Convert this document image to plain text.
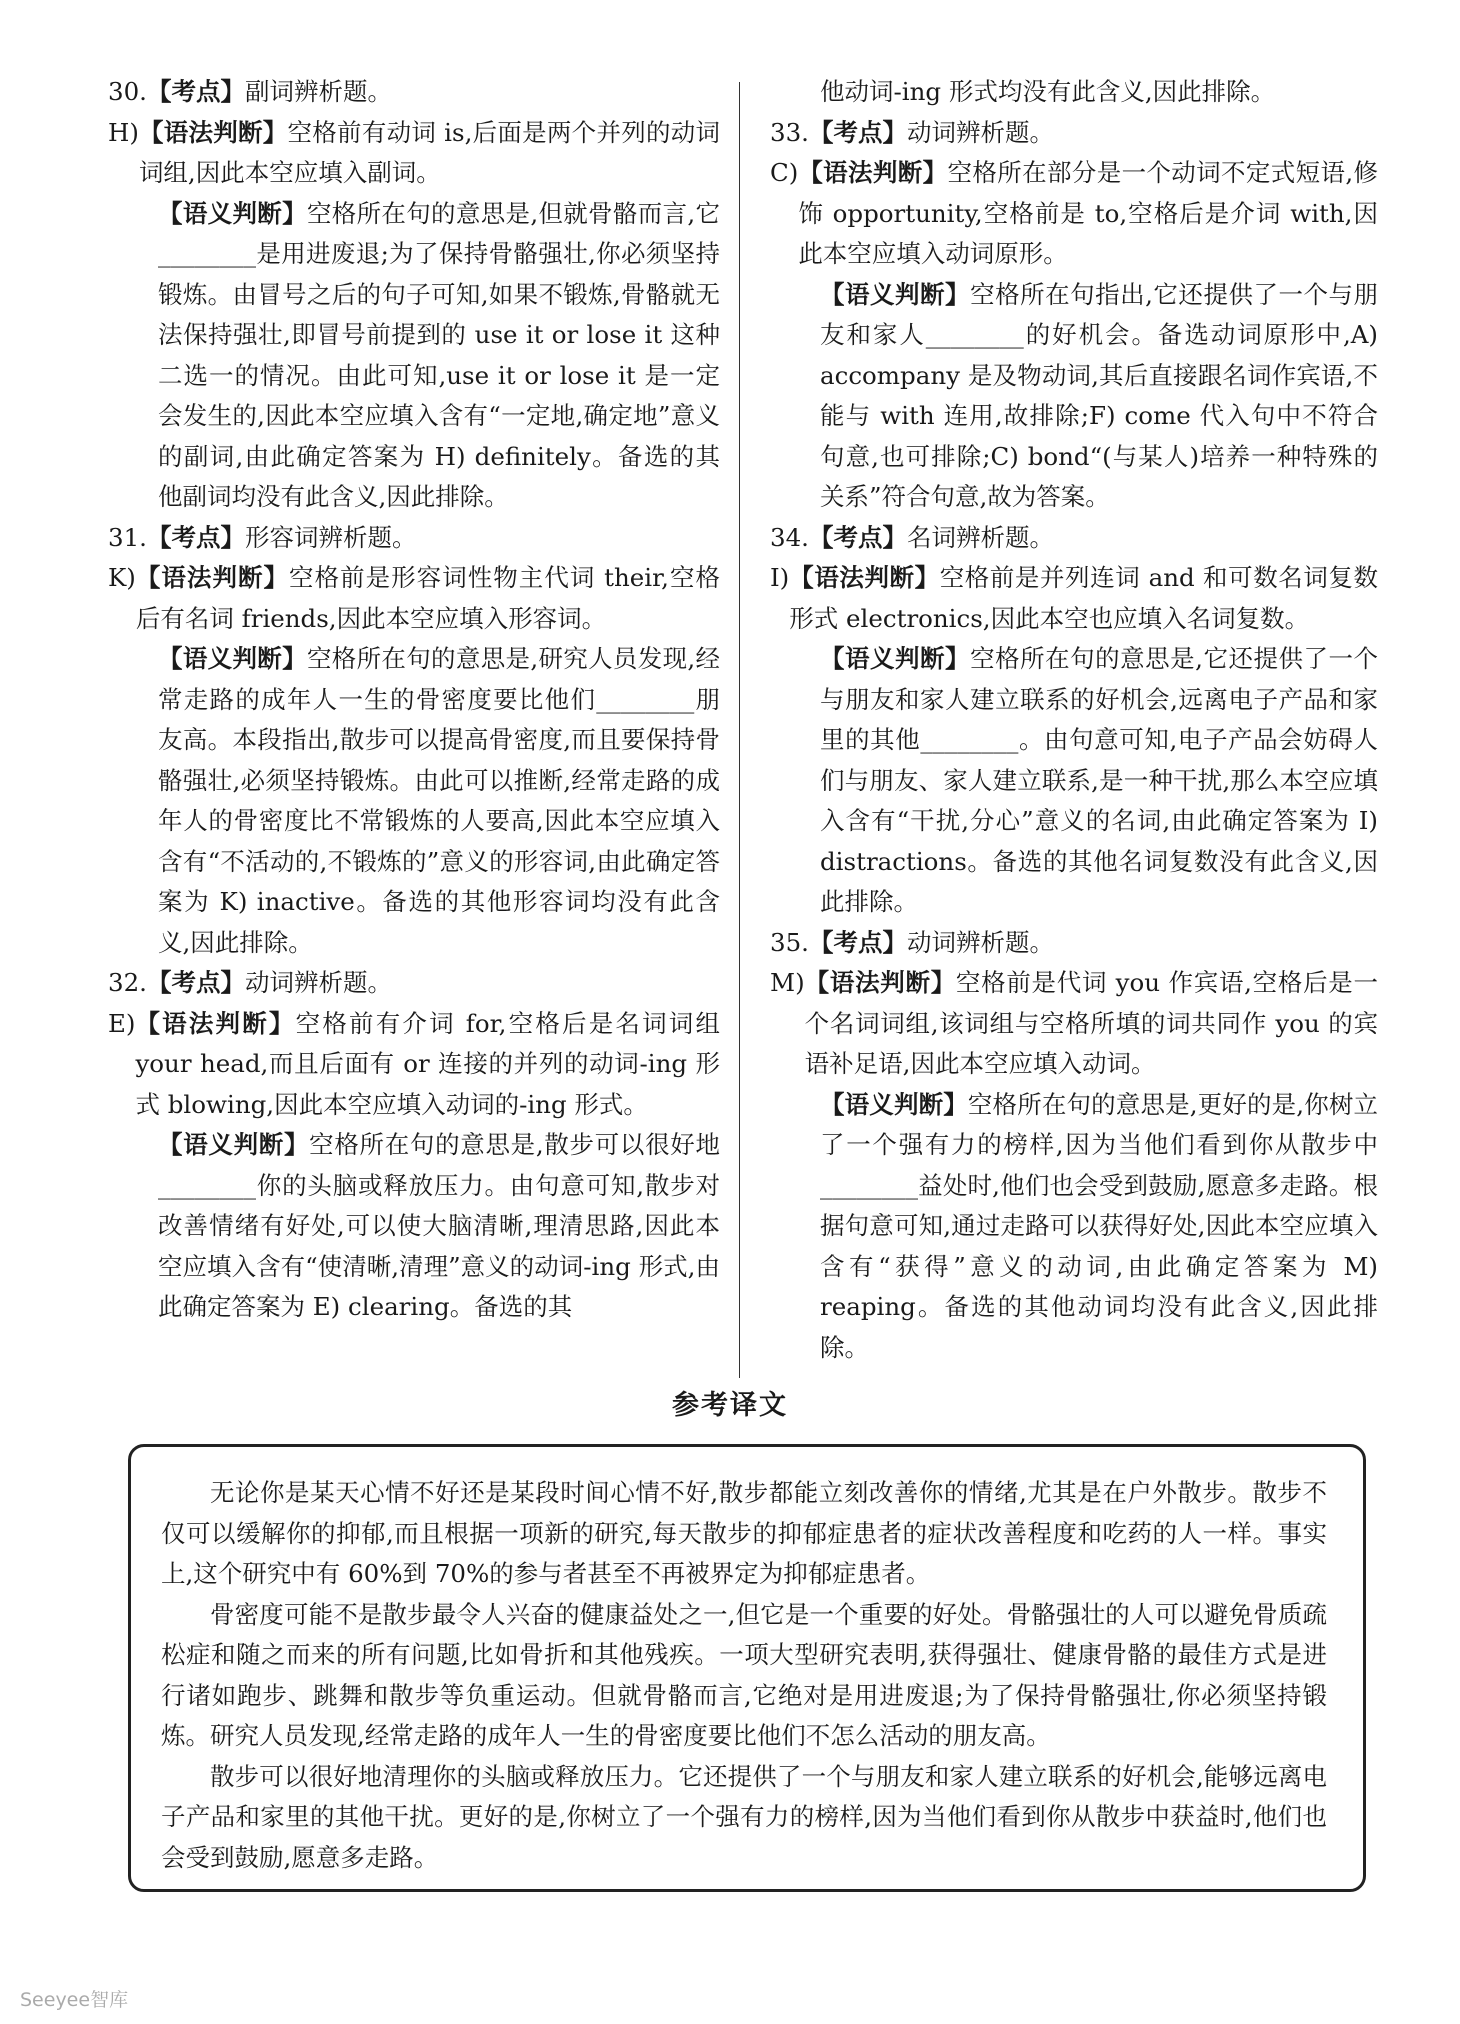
30. 【考点】副词辨析题。
H) 【语法判断】空格前有动词 is,后面是两个并列的动词词组,因此本空应填入副词。
【语义判断】空格所在句的意思是,但就骨骼而言,它________是用进废退;为了保持骨骼强壮,你必须坚持锻炼。由冒号之后的句子可知,如果不锻炼,骨骼就无法保持强壮,即冒号前提到的 use it or lose it 这种二选一的情况。由此可知,use it or lose it 是一定会发生的,因此本空应填入含有“一定地,确定地”意义的副词,由此确定答案为 H) definitely。备选的其他副词均没有此含义,因此排除。
31. 【考点】形容词辨析题。
K) 【语法判断】空格前是形容词性物主代词 their,空格后有名词 friends,因此本空应填入形容词。
【语义判断】空格所在句的意思是,研究人员发现,经常走路的成年人一生的骨密度要比他们________朋友高。本段指出,散步可以提高骨密度,而且要保持骨骼强壮,必须坚持锻炼。由此可以推断,经常走路的成年人的骨密度比不常锻炼的人要高,因此本空应填入含有“不活动的,不锻炼的”意义的形容词,由此确定答案为 K) inactive。备选的其他形容词均没有此含义,因此排除。
32. 【考点】动词辨析题。
E) 【语法判断】空格前有介词 for,空格后是名词词组 your head,而且后面有 or 连接的并列的动词-ing 形式 blowing,因此本空应填入动词的-ing 形式。
【语义判断】空格所在句的意思是,散步可以很好地________你的头脑或释放压力。由句意可知,散步对改善情绪有好处,可以使大脑清晰,理清思路,因此本空应填入含有“使清晰,清理”意义的动词-ing 形式,由此确定答案为 E) clearing。备选的其
他动词-ing 形式均没有此含义,因此排除。
33. 【考点】动词辨析题。
C) 【语法判断】空格所在部分是一个动词不定式短语,修饰 opportunity,空格前是 to,空格后是介词 with,因此本空应填入动词原形。
【语义判断】空格所在句指出,它还提供了一个与朋友和家人________的好机会。备选动词原形中,A) accompany 是及物动词,其后直接跟名词作宾语,不能与 with 连用,故排除;F) come 代入句中不符合句意,也可排除;C) bond“(与某人)培养一种特殊的关系”符合句意,故为答案。
34. 【考点】名词辨析题。
I) 【语法判断】空格前是并列连词 and 和可数名词复数形式 electronics,因此本空也应填入名词复数。
【语义判断】空格所在句的意思是,它还提供了一个与朋友和家人建立联系的好机会,远离电子产品和家里的其他________。由句意可知,电子产品会妨碍人们与朋友、家人建立联系,是一种干扰,那么本空应填入含有“干扰,分心”意义的名词,由此确定答案为 I) distractions。备选的其他名词复数没有此含义,因此排除。
35. 【考点】动词辨析题。
M) 【语法判断】空格前是代词 you 作宾语,空格后是一个名词词组,该词组与空格所填的词共同作 you 的宾语补足语,因此本空应填入动词。
【语义判断】空格所在句的意思是,更好的是,你树立了一个强有力的榜样,因为当他们看到你从散步中________益处时,他们也会受到鼓励,愿意多走路。根据句意可知,通过走路可以获得好处,因此本空应填入含有“获得”意义的动词,由此确定答案为 M) reaping。备选的其他动词均没有此含义,因此排除。
参考译文

无论你是某天心情不好还是某段时间心情不好,散步都能立刻改善你的情绪,尤其是在户外散步。散步不仅可以缓解你的抑郁,而且根据一项新的研究,每天散步的抑郁症患者的症状改善程度和吃药的人一样。事实上,这个研究中有 60%到 70%的参与者甚至不再被界定为抑郁症患者。

骨密度可能不是散步最令人兴奋的健康益处之一,但它是一个重要的好处。骨骼强壮的人可以避免骨质疏松症和随之而来的所有问题,比如骨折和其他残疾。一项大型研究表明,获得强壮、健康骨骼的最佳方式是进行诸如跑步、跳舞和散步等负重运动。但就骨骼而言,它绝对是用进废退;为了保持骨骼强壮,你必须坚持锻炼。研究人员发现,经常走路的成年人一生的骨密度要比他们不怎么活动的朋友高。

散步可以很好地清理你的头脑或释放压力。它还提供了一个与朋友和家人建立联系的好机会,能够远离电子产品和家里的其他干扰。更好的是,你树立了一个强有力的榜样,因为当他们看到你从散步中获益时,他们也会受到鼓励,愿意多走路。

Seeyee智库
